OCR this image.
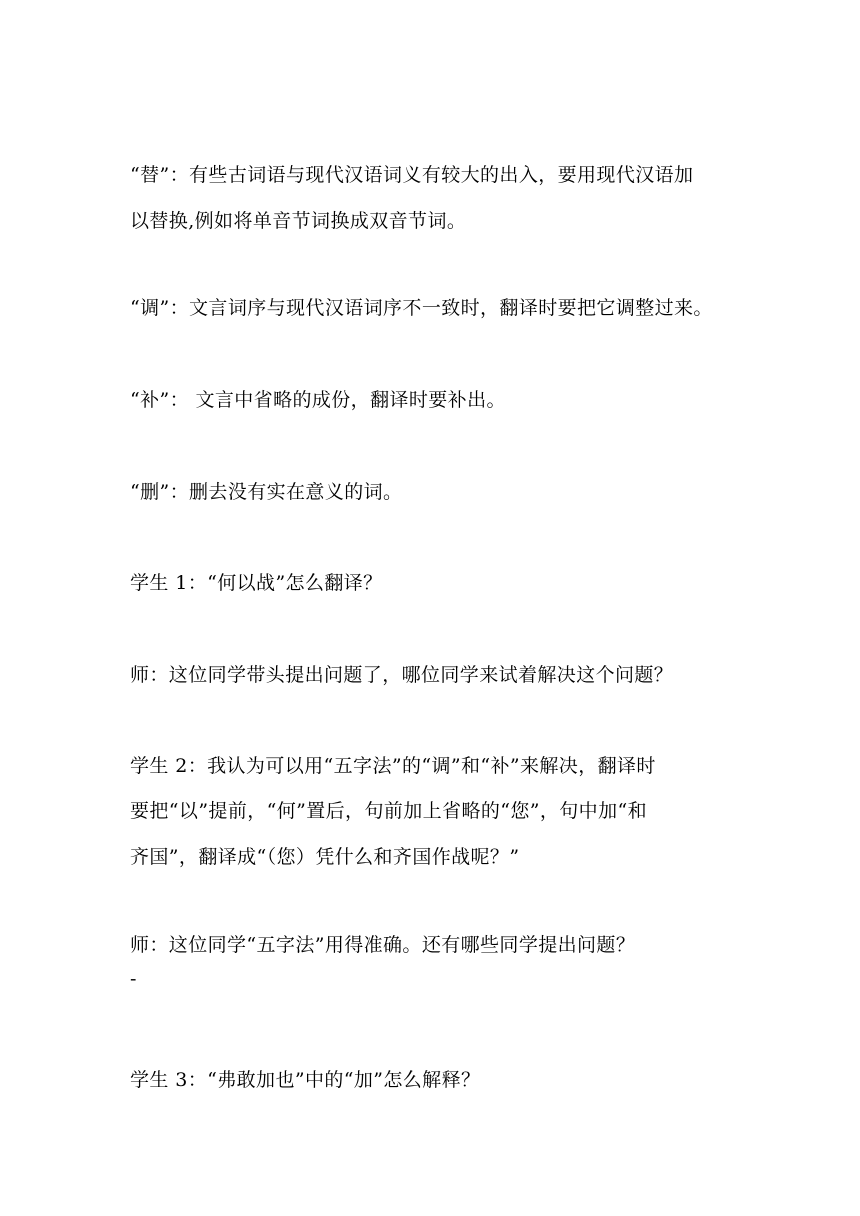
“替”：有些古词语与现代汉语词义有较大的出入，要用现代汉语加
以替换,例如将单音节词换成双音节词。
“调”：文言词序与现代汉语词序不一致时，翻译时要把它调整过来。
“补”： 文言中省略的成份，翻译时要补出。
“删”：删去没有实在意义的词。
学生 1：“何以战”怎么翻译？
师：这位同学带头提出问题了，哪位同学来试着解决这个问题？
学生 2：我认为可以用“五字法”的“调”和“补”来解决，翻译时
要把“以”提前，“何”置后，句前加上省略的“您”，句中加“和
齐国”，翻译成“（您）凭什么和齐国作战呢？”
师：这位同学“五字法”用得准确。还有哪些同学提出问题？
-
学生 3：“弗敢加也”中的“加”怎么解释？
